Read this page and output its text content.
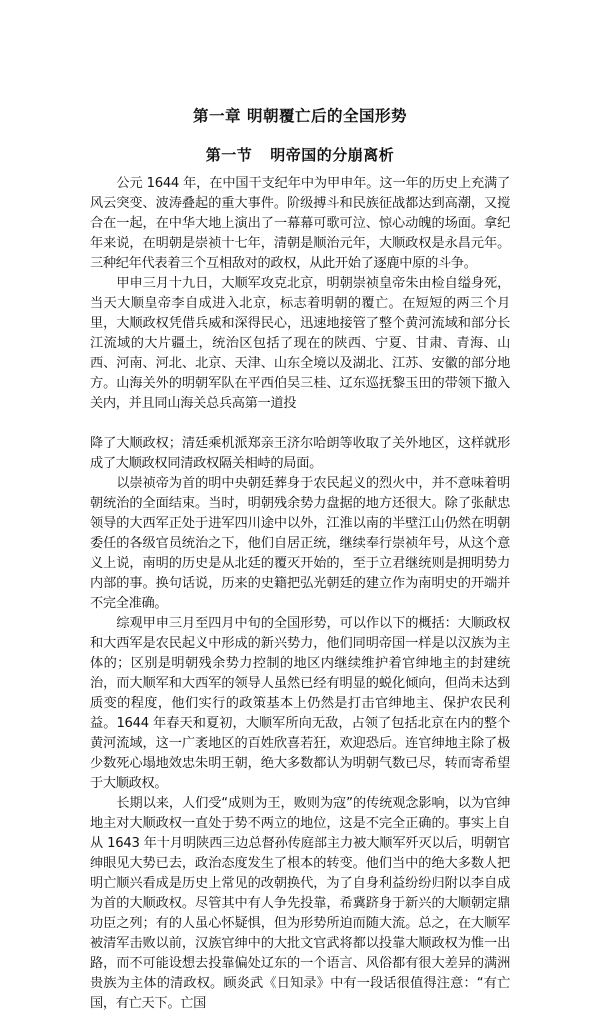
第一章 明朝覆亡后的全国形势
第一节 明帝国的分崩离析

公元 1644 年，在中国干支纪年中为甲申年。这一年的历史上充满了风云突变、波涛叠起的重大事件。阶级搏斗和民族征战都达到高潮，又搅合在一起，在中华大地上演出了一幕幕可歌可泣、惊心动魄的场面。拿纪年来说，在明朝是崇祯十七年，清朝是顺治元年，大顺政权是永昌元年。三种纪年代表着三个互相敌对的政权，从此开始了逐鹿中原的斗争。

甲申三月十九日，大顺军攻克北京，明朝崇祯皇帝朱由检自缢身死，当天大顺皇帝李自成进入北京，标志着明朝的覆亡。在短短的两三个月里，大顺政权凭借兵威和深得民心，迅速地接管了整个黄河流域和部分长江流域的大片疆土，统治区包括了现在的陕西、宁夏、甘肃、青海、山西、河南、河北、北京、天津、山东全境以及湖北、江苏、安徽的部分地方。山海关外的明朝军队在平西伯吴三桂、辽东巡抚黎玉田的带领下撤入关内，并且同山海关总兵高第一道投

降了大顺政权；清廷乘机派郑亲王济尔哈朗等收取了关外地区，这样就形成了大顺政权同清政权隔关相峙的局面。

以崇祯帝为首的明中央朝廷葬身于农民起义的烈火中，并不意味着明朝统治的全面结束。当时，明朝残余势力盘据的地方还很大。除了张献忠领导的大西军正处于进军四川途中以外，江淮以南的半壁江山仍然在明朝委任的各级官员统治之下，他们自居正统，继续奉行崇祯年号，从这个意义上说，南明的历史是从北廷的覆灭开始的，至于立君继统则是拥明势力内部的事。换句话说，历来的史籍把弘光朝廷的建立作为南明史的开端并不完全准确。

综观甲申三月至四月中旬的全国形势，可以作以下的概括：大顺政权和大西军是农民起义中形成的新兴势力，他们同明帝国一样是以汉族为主体的；区别是明朝残余势力控制的地区内继续维护着官绅地主的封建统治，而大顺军和大西军的领导人虽然已经有明显的蜕化倾向，但尚未达到质变的程度，他们实行的政策基本上仍然是打击官绅地主、保护农民利益。1644 年春天和夏初，大顺军所向无敌，占领了包括北京在内的整个黄河流域，这一广袤地区的百姓欣喜若狂，欢迎恐后。连官绅地主除了极少数死心塌地效忠朱明王朝，绝大多数都认为明朝气数已尽，转而寄希望于大顺政权。

长期以来，人们受“成则为王，败则为寇”的传统观念影响，以为官绅地主对大顺政权一直处于势不两立的地位，这是不完全正确的。事实上自从 1643 年十月明陕西三边总督孙传庭部主力被大顺军歼灭以后，明朝官绅眼见大势已去，政治态度发生了根本的转变。他们当中的绝大多数人把明亡顺兴看成是历史上常见的改朝换代，为了自身利益纷纷归附以李自成为首的大顺政权。尽管其中有人争先投靠，希冀跻身于新兴的大顺朝定鼎功臣之列；有的人虽心怀疑惧，但为形势所迫而随大流。总之，在大顺军被清军击败以前，汉族官绅中的大批文官武将都以投靠大顺政权为惟一出路，而不可能设想去投靠偏处辽东的一个语言、风俗都有很大差异的满洲贵族为主体的清政权。顾炎武《日知录》中有一段话很值得注意：“有亡国，有亡天下。亡国
